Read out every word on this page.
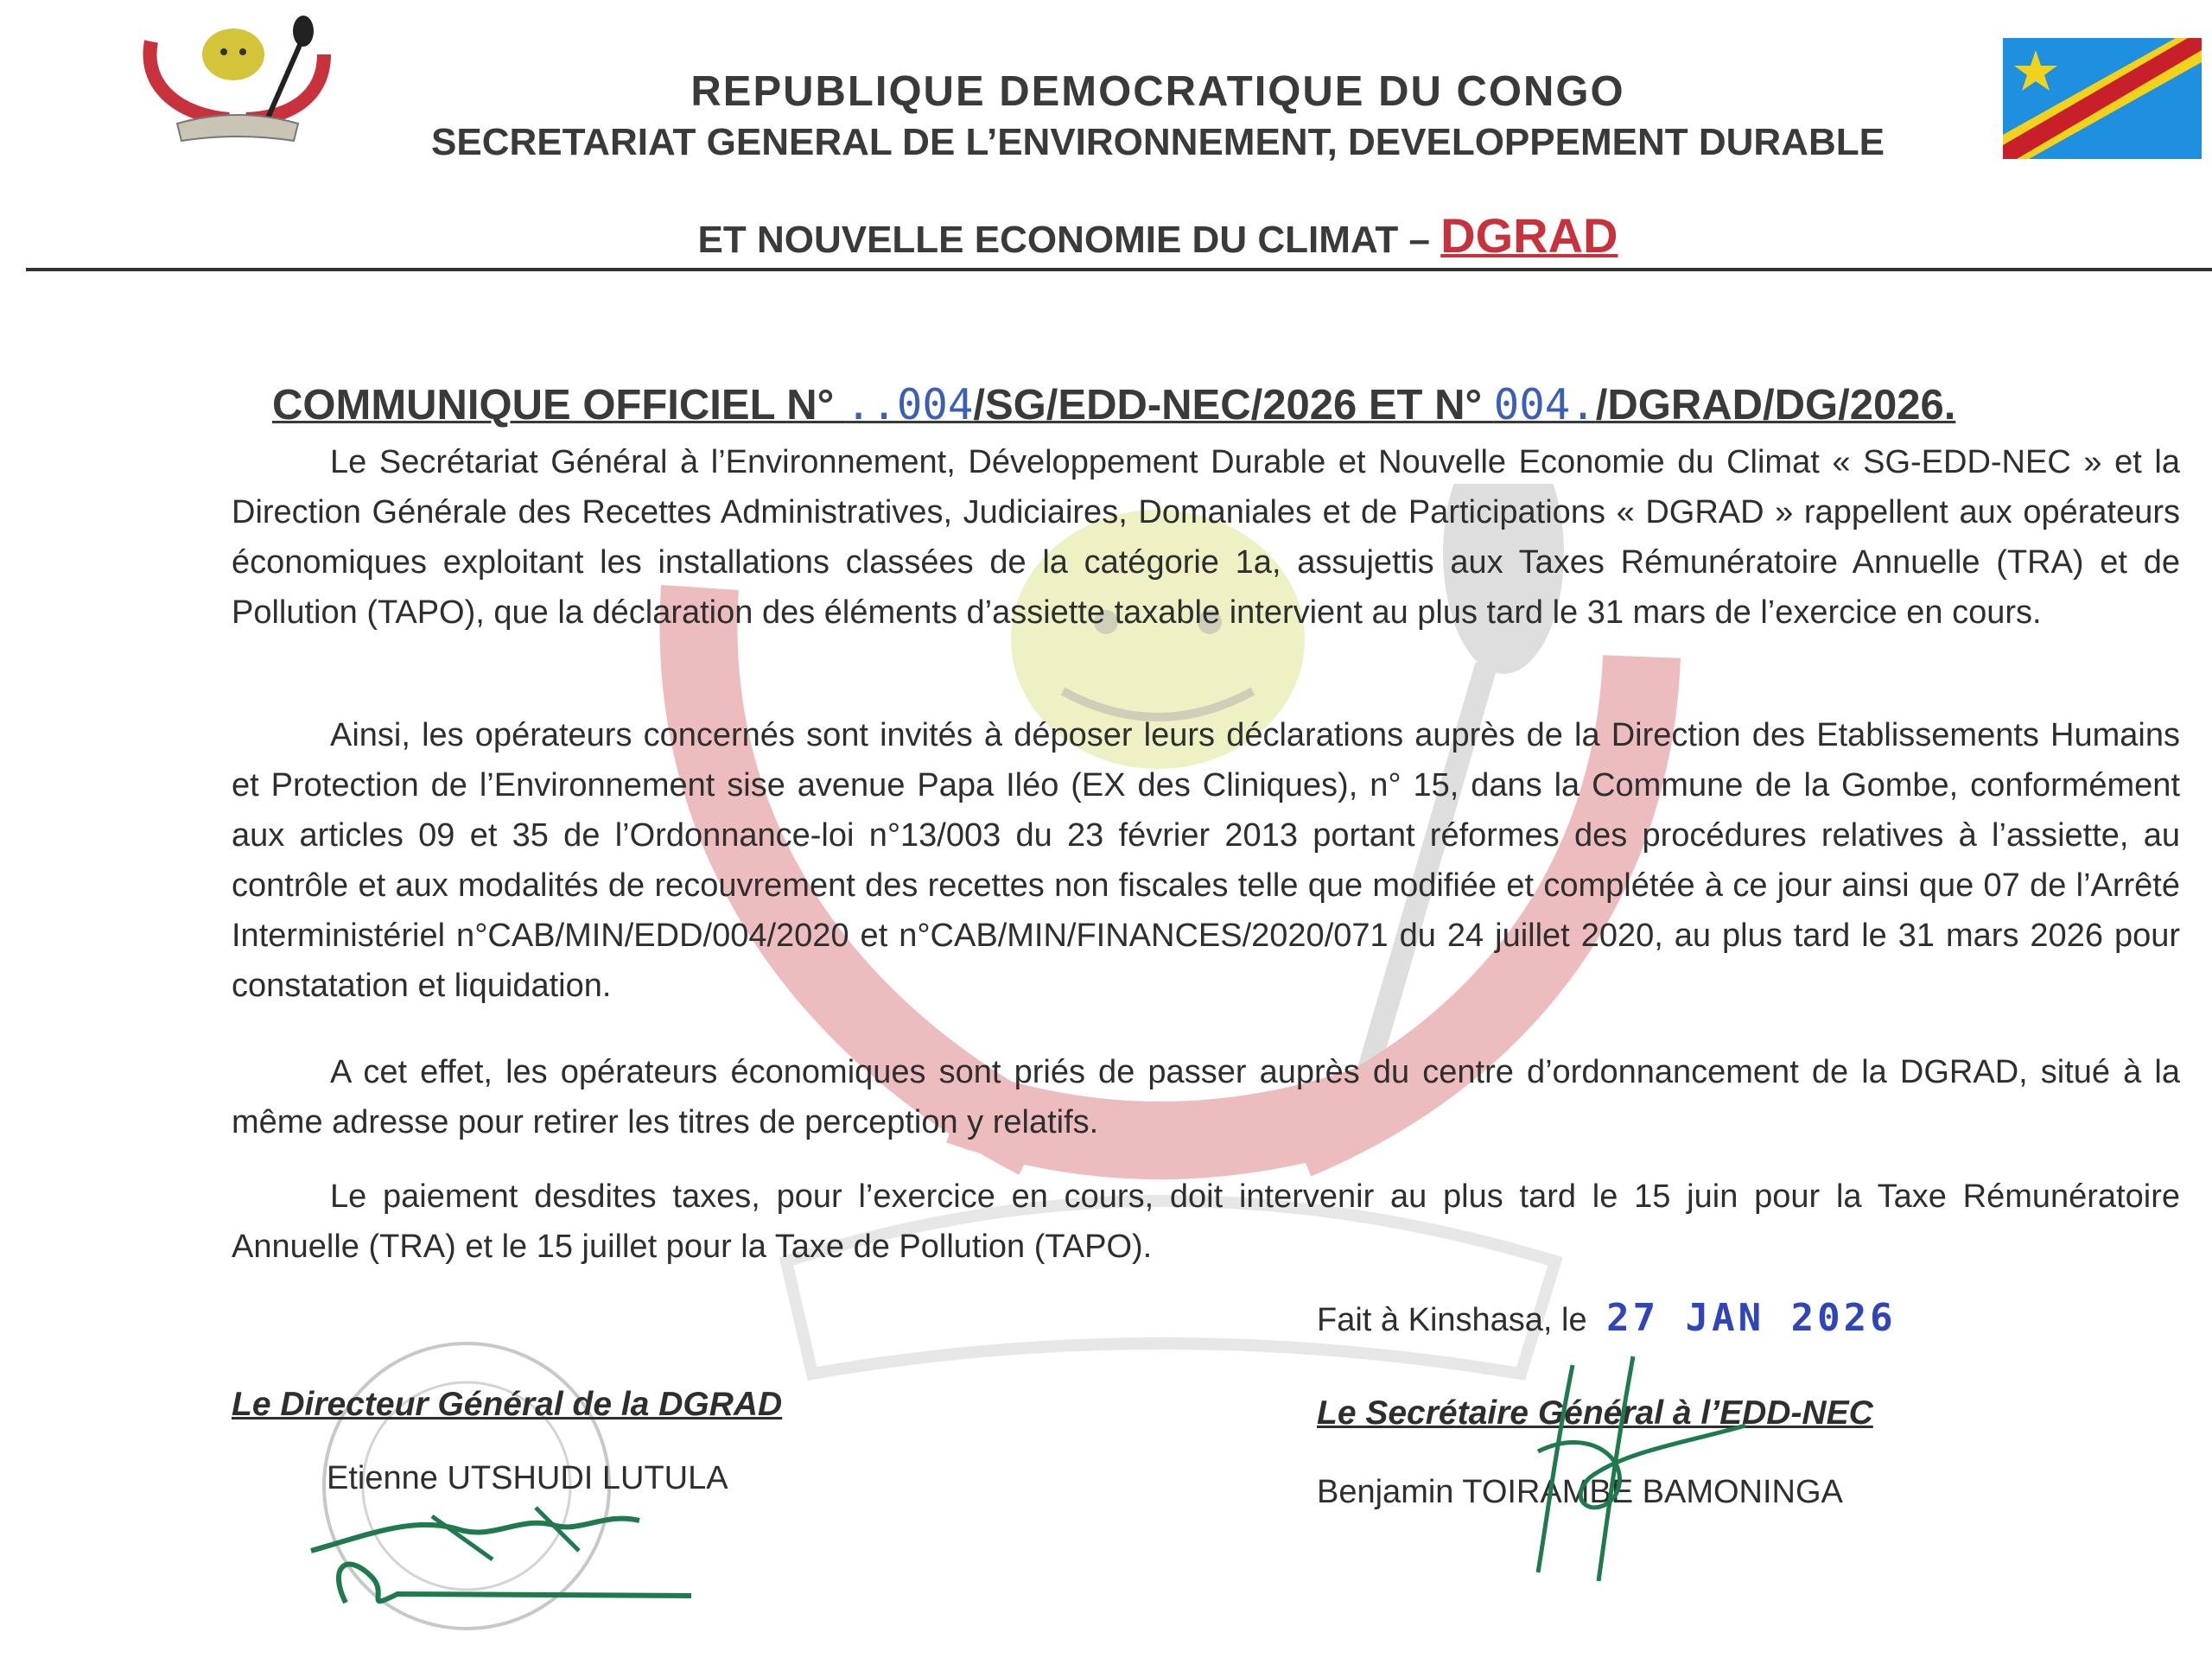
REPUBLIQUE DEMOCRATIQUE DU CONGO
SECRETARIAT GENERAL DE L’ENVIRONNEMENT, DEVELOPPEMENT DURABLE
ET NOUVELLE ECONOMIE DU CLIMAT – DGRAD
COMMUNIQUE OFFICIEL N° ..004/SG/EDD-NEC/2026 ET N° 004./DGRAD/DG/2026.
Le Secrétariat Général à l’Environnement, Développement Durable et Nouvelle Economie du Climat « SG-EDD-NEC » et la Direction Générale des Recettes Administratives, Judiciaires, Domaniales et de Participations « DGRAD » rappellent aux opérateurs économiques exploitant les installations classées de la catégorie 1a, assujettis aux Taxes Rémunératoire Annuelle (TRA) et de Pollution (TAPO), que la déclaration des éléments d’assiette taxable intervient au plus tard le 31 mars de l’exercice en cours.
Ainsi, les opérateurs concernés sont invités à déposer leurs déclarations auprès de la Direction des Etablissements Humains et Protection de l’Environnement sise avenue Papa Iléo (EX des Cliniques), n° 15, dans la Commune de la Gombe, conformément aux articles 09 et 35 de l’Ordonnance-loi n°13/003 du 23 février 2013 portant réformes des procédures relatives à l’assiette, au contrôle et aux modalités de recouvrement des recettes non fiscales telle que modifiée et complétée à ce jour ainsi que 07 de l’Arrêté Interministériel n°CAB/MIN/EDD/004/2020 et n°CAB/MIN/FINANCES/2020/071 du 24 juillet 2020, au plus tard le 31 mars 2026 pour constatation et liquidation.
A cet effet, les opérateurs économiques sont priés de passer auprès du centre d’ordonnancement de la DGRAD, situé à la même adresse pour retirer les titres de perception y relatifs.
Le paiement desdites taxes, pour l’exercice en cours, doit intervenir au plus tard le 15 juin pour la Taxe Rémunératoire Annuelle (TRA) et le 15 juillet pour la Taxe de Pollution (TAPO).
Fait à Kinshasa, le 27 JAN 2026
Le Directeur Général de la DGRAD
Etienne UTSHUDI LUTULA
Le Secrétaire Général à l’EDD-NEC
Benjamin TOIRAMBE BAMONINGA
